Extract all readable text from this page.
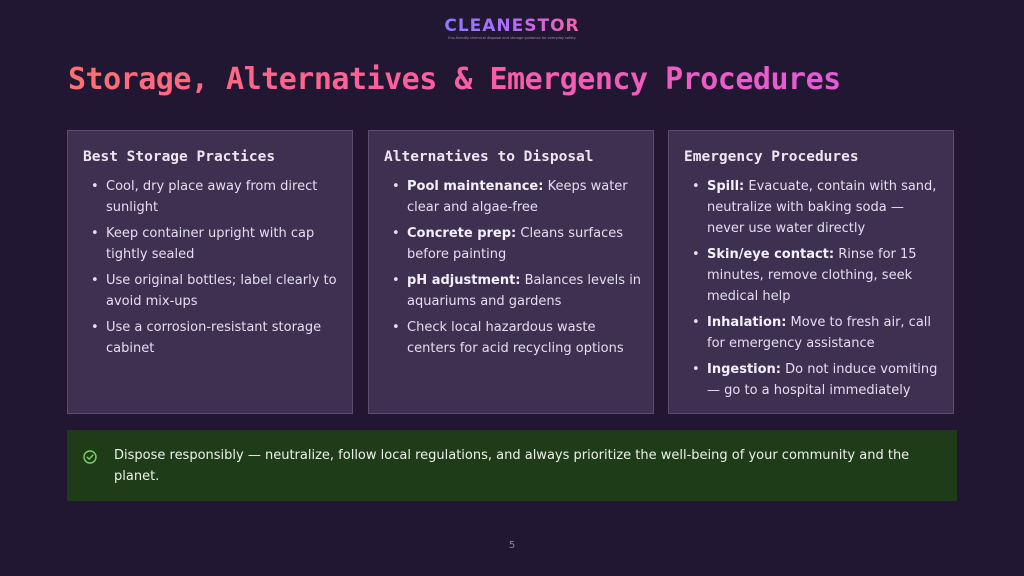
CLEANESTOR
Eco-friendly chemical disposal and storage guidance for everyday safety
Storage, Alternatives & Emergency Procedures
Best Storage Practices
• Cool, dry place away from direct sunlight
• Keep container upright with cap tightly sealed
• Use original bottles; label clearly to avoid mix-ups
• Use a corrosion-resistant storage cabinet
Alternatives to Disposal
• Pool maintenance: Keeps water clear and algae-free
• Concrete prep: Cleans surfaces before painting
• pH adjustment: Balances levels in aquariums and gardens
• Check local hazardous waste centers for acid recycling options
Emergency Procedures
• Spill: Evacuate, contain with sand, neutralize with baking soda — never use water directly
• Skin/eye contact: Rinse for 15 minutes, remove clothing, seek medical help
• Inhalation: Move to fresh air, call for emergency assistance
• Ingestion: Do not induce vomiting — go to a hospital immediately
Dispose responsibly — neutralize, follow local regulations, and always prioritize the well-being of your community and the planet.
5
